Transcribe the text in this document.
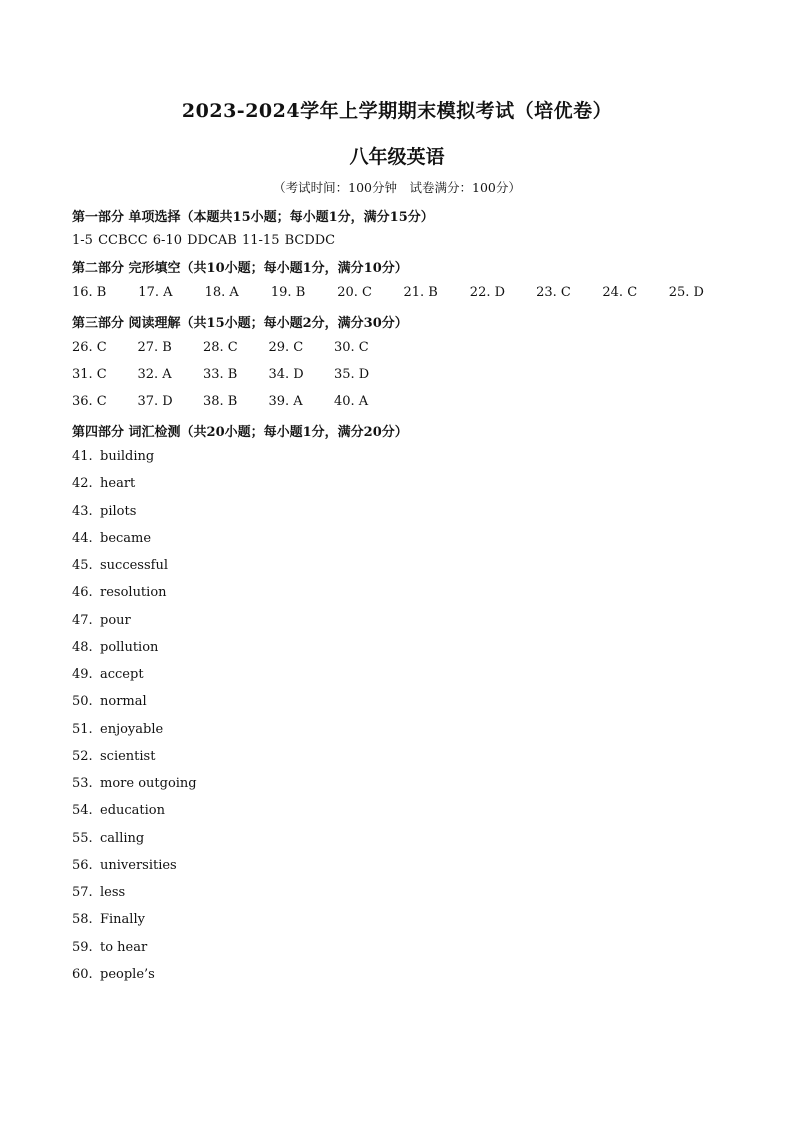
2023-2024学年上学期期末模拟考试（培优卷）
八年级英语
（考试时间：100分钟　试卷满分：100分）
第一部分 单项选择（本题共15小题；每小题1分，满分15分）
1-5 CCBCC 6-10 DDCAB 11-15 BCDDC
第二部分 完形填空（共10小题；每小题1分，满分10分）
16. B 17. A 18. A 19. B 20. C 21. B 22. D 23. C 24. C 25. D
第三部分 阅读理解（共15小题；每小题2分，满分30分）
26. C 27. B 28. C 29. C 30. C
31. C 32. A 33. B 34. D 35. D
36. C 37. D 38. B 39. A 40. A
第四部分 词汇检测（共20小题；每小题1分，满分20分）
41. building
42. heart
43. pilots
44. became
45. successful
46. resolution
47. pour
48. pollution
49. accept
50. normal
51. enjoyable
52. scientist
53. more outgoing
54. education
55. calling
56. universities
57. less
58. Finally
59. to hear
60. people’s
